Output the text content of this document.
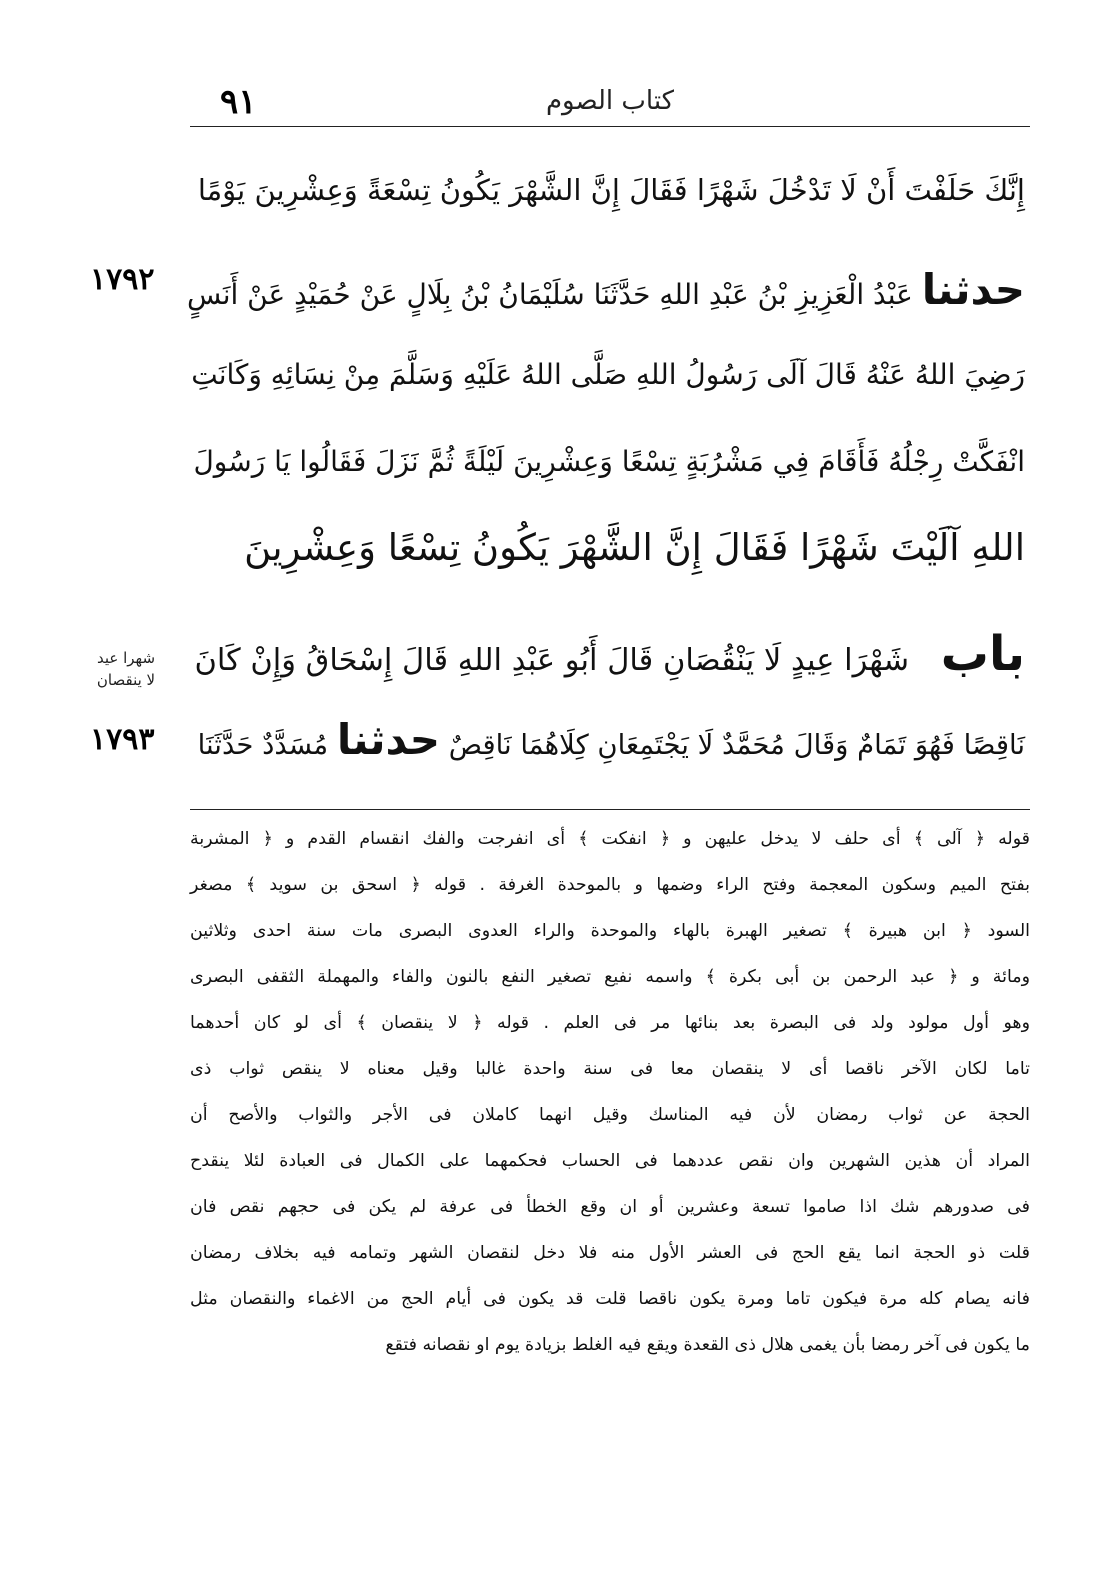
٩١	كتاب الصوم
إِنَّكَ حَلَفْتَ أَنْ لَا تَدْخُلَ شَهْرًا فَقَالَ إِنَّ الشَّهْرَ يَكُونُ تِسْعَةً وَعِشْرِينَ يَوْمًا
حدثنا عَبْدُ الْعَزِيزِ بْنُ عَبْدِ اللهِ حَدَّثَنَا سُلَيْمَانُ بْنُ بِلَالٍ عَنْ حُمَيْدٍ عَنْ أَنَسٍ
رَضِيَ اللهُ عَنْهُ قَالَ آلَى رَسُولُ اللهِ صَلَّى اللهُ عَلَيْهِ وَسَلَّمَ مِنْ نِسَائِهِ وَكَانَتِ
انْفَكَّتْ رِجْلُهُ فَأَقَامَ فِي مَشْرُبَةٍ تِسْعًا وَعِشْرِينَ لَيْلَةً ثُمَّ نَزَلَ فَقَالُوا يَا رَسُولَ
اللهِ آلَيْتَ شَهْرًا فَقَالَ إِنَّ الشَّهْرَ يَكُونُ تِسْعًا وَعِشْرِينَ
باب شَهْرَا عِيدٍ لَا يَنْقُصَانِ قَالَ أَبُو عَبْدِ اللهِ قَالَ إِسْحَاقُ وَإِنْ كَانَ
نَاقِصًا فَهُوَ تَمَامٌ وَقَالَ مُحَمَّدٌ لَا يَجْتَمِعَانِ كِلَاهُمَا نَاقِصٌ حدثنا مُسَدَّدٌ حَدَّثَنَا
١٧٩٢
١٧٩٣
شهرا عيد
لا ينقصان
قوله ﴿ آلى ﴾ أى حلف لا يدخل عليهن و ﴿ انفكت ﴾ أى انفرجت والفك انقسام القدم و ﴿ المشربة
بفتح الميم وسكون المعجمة وفتح الراء وضمها و بالموحدة الغرفة . قوله ﴿ اسحق بن سويد ﴾ مصغر
السود ﴿ ابن هبيرة ﴾ تصغير الهبرة بالهاء والموحدة والراء العدوى البصرى مات سنة احدى وثلاثين
ومائة و ﴿ عبد الرحمن بن أبى بكرة ﴾ واسمه نفيع تصغير النفع بالنون والفاء والمهملة الثقفى البصرى
وهو أول مولود ولد فى البصرة بعد بنائها مر فى العلم . قوله ﴿ لا ينقصان ﴾ أى لو كان أحدهما
تاما لكان الآخر ناقصا أى لا ينقصان معا فى سنة واحدة غالبا وقيل معناه لا ينقص ثواب ذى
الحجة عن ثواب رمضان لأن فيه المناسك وقيل انهما كاملان فى الأجر والثواب والأصح أن
المراد أن هذين الشهرين وان نقص عددهما فى الحساب فحكمهما على الكمال فى العبادة لئلا ينقدح
فى صدورهم شك اذا صاموا تسعة وعشرين أو ان وقع الخطأ فى عرفة لم يكن فى حجهم نقص فان
قلت ذو الحجة انما يقع الحج فى العشر الأول منه فلا دخل لنقصان الشهر وتمامه فيه بخلاف رمضان
فانه يصام كله مرة فيكون تاما ومرة يكون ناقصا قلت قد يكون فى أيام الحج من الاغماء والنقصان مثل
ما يكون فى آخر رمضا بأن يغمى هلال ذى القعدة ويقع فيه الغلط بزيادة يوم او نقصانه فتقع
